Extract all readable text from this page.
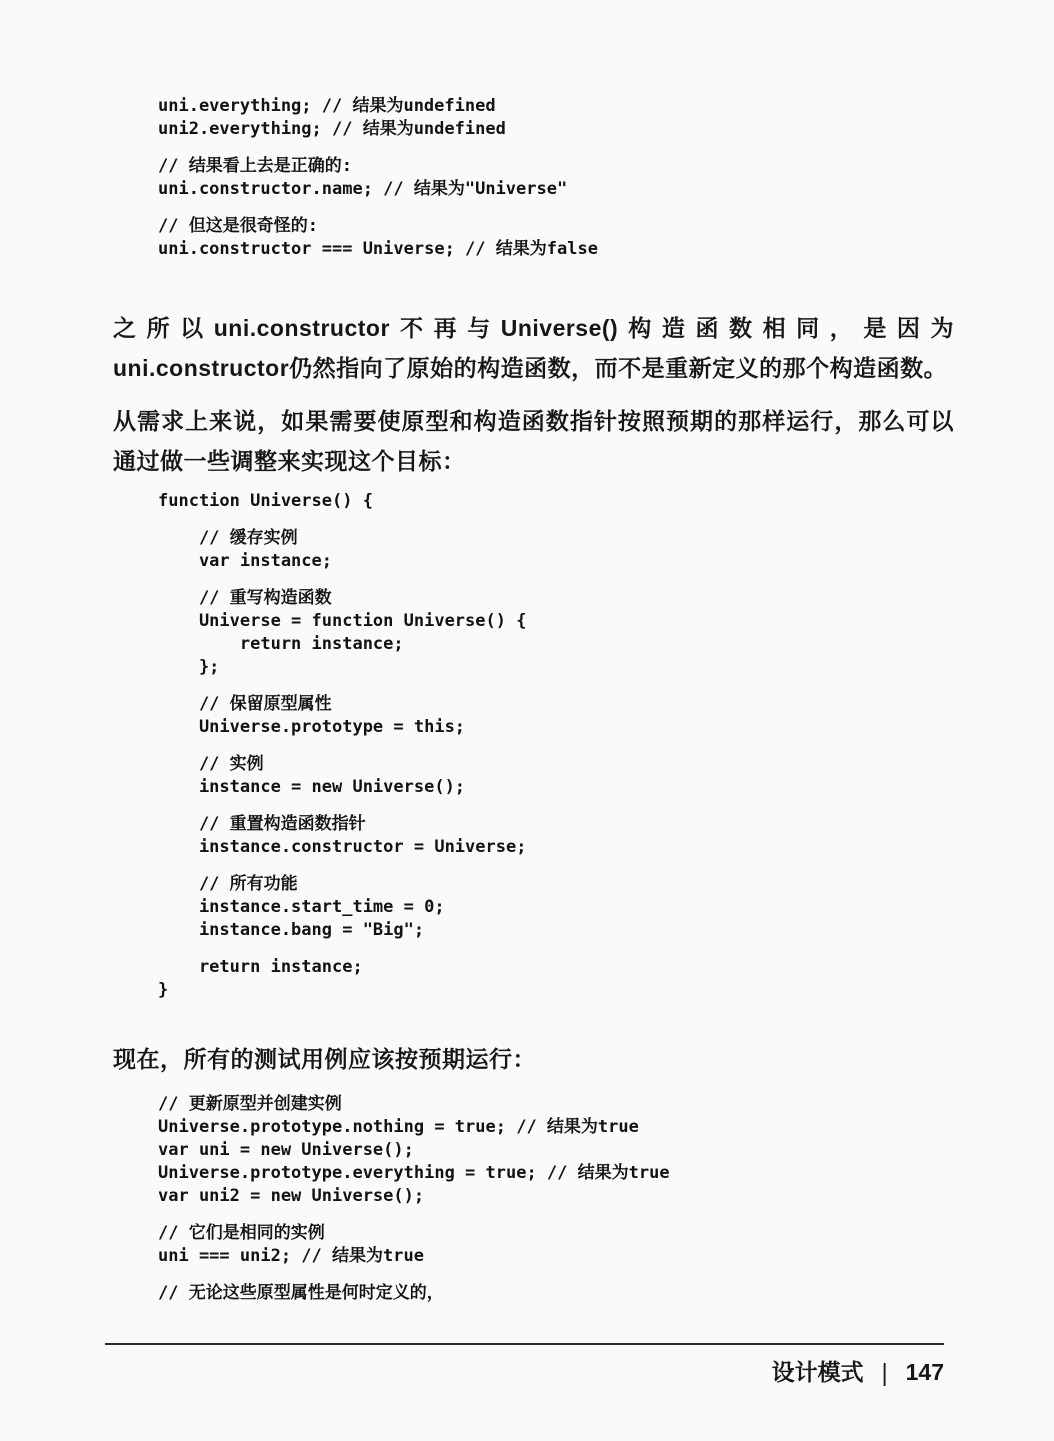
uni.everything; // 结果为undefined
uni2.everything; // 结果为undefined

// 结果看上去是正确的:
uni.constructor.name; // 结果为"Universe"

// 但这是很奇怪的:
uni.constructor === Universe; // 结果为false

之所以uni.constructor不再与Universe()构造函数相同，是因为uni.constructor仍然指向了原始的构造函数，而不是重新定义的那个构造函数。

从需求上来说，如果需要使原型和构造函数指针按照预期的那样运行，那么可以通过做一些调整来实现这个目标：

function Universe() {

// 缓存实例
var instance;

// 重写构造函数
Universe = function Universe() {
return instance;
};

// 保留原型属性
Universe.prototype = this;

// 实例
instance = new Universe();

// 重置构造函数指针
instance.constructor = Universe;

// 所有功能
instance.start_time = 0;
instance.bang = "Big";

return instance;
}

现在，所有的测试用例应该按预期运行：

// 更新原型并创建实例
Universe.prototype.nothing = true; // 结果为true
var uni = new Universe();
Universe.prototype.everything = true; // 结果为true
var uni2 = new Universe();

// 它们是相同的实例
uni === uni2; // 结果为true

// 无论这些原型属性是何时定义的，
设计模式 | 147
